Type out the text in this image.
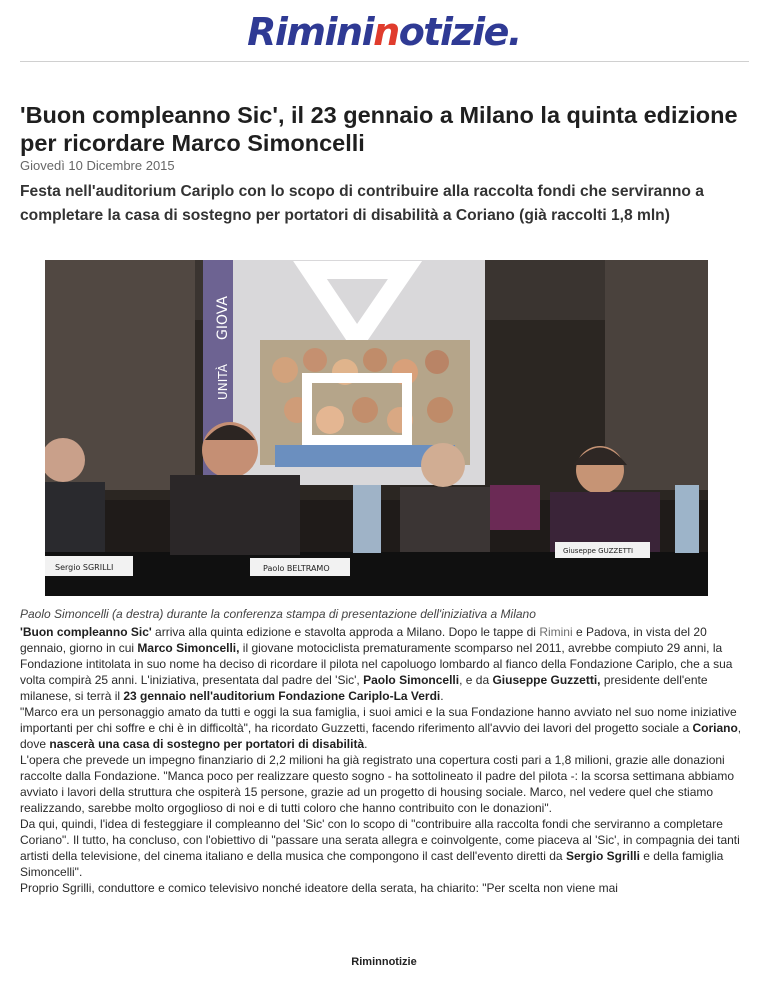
Rimininotizie.
'Buon compleanno Sic', il 23 gennaio a Milano la quinta edizione per ricordare Marco Simoncelli
Giovedì 10 Dicembre 2015
Festa nell'auditorium Cariplo con lo scopo di contribuire alla raccolta fondi che serviranno a completare la casa di sostegno per portatori di disabilità a Coriano (già raccolti 1,8 mln)
GIOVA
UNITÀ
Sergio SGRILLI	Paolo BELTRAMO
Giuseppe GUZZETTI
Paolo Simoncelli (a destra) durante la conferenza stampa di presentazione dell'iniziativa a Milano

'Buon compleanno Sic' arriva alla quinta edizione e stavolta approda a Milano. Dopo le tappe di Rimini e Padova, in vista del 20 gennaio, giorno in cui Marco Simoncelli, il giovane motociclista prematuramente scomparso nel 2011, avrebbe compiuto 29 anni, la Fondazione intitolata in suo nome ha deciso di ricordare il pilota nel capoluogo lombardo al fianco della Fondazione Cariplo, che a sua volta compirà 25 anni. L'iniziativa, presentata dal padre del 'Sic', Paolo Simoncelli, e da Giuseppe Guzzetti, presidente dell'ente milanese, si terrà il 23 gennaio nell'auditorium Fondazione Cariplo-La Verdi.

"Marco era un personaggio amato da tutti e oggi la sua famiglia, i suoi amici e la sua Fondazione hanno avviato nel suo nome iniziative importanti per chi soffre e chi è in difficoltà", ha ricordato Guzzetti, facendo riferimento all'avvio dei lavori del progetto sociale a Coriano, dove nascerà una casa di sostegno per portatori di disabilità.

L'opera che prevede un impegno finanziario di 2,2 milioni ha già registrato una copertura costi pari a 1,8 milioni, grazie alle donazioni raccolte dalla Fondazione. "Manca poco per realizzare questo sogno - ha sottolineato il padre del pilota -: la scorsa settimana abbiamo avviato i lavori della struttura che ospiterà 15 persone, grazie ad un progetto di housing sociale. Marco, nel vedere quel che stiamo realizzando, sarebbe molto orgoglioso di noi e di tutti coloro che hanno contribuito con le donazioni".

Da qui, quindi, l'idea di festeggiare il compleanno del 'Sic' con lo scopo di "contribuire alla raccolta fondi che serviranno a completare Coriano". Il tutto, ha concluso, con l'obiettivo di "passare una serata allegra e coinvolgente, come piaceva al 'Sic', in compagnia dei tanti artisti della televisione, del cinema italiano e della musica che compongono il cast dell'evento diretti da Sergio Sgrilli e della famiglia Simoncelli".

Proprio Sgrilli, conduttore e comico televisivo nonché ideatore della serata, ha chiarito: "Per scelta non viene mai

Riminnotizie
